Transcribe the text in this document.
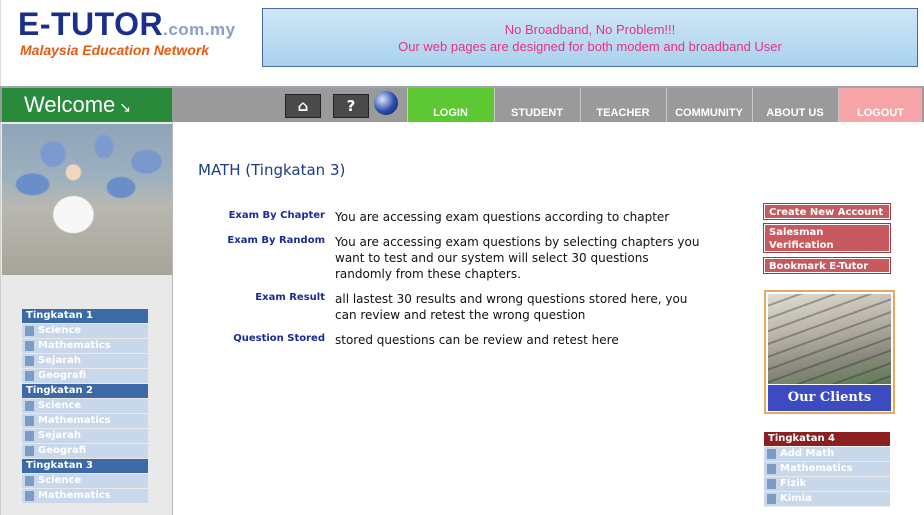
E-TUTOR.com.my
Malaysia Education Network
No Broadband, No Problem!!!
Our web pages are designed for both modem and broadband User
Welcome ↘	⌂	?	LOGIN	STUDENT	TEACHER	COMMUNITY	ABOUT US	LOGOUT
Tingkatan 1
Science
Mathematics
Sejarah
Geografi
Tingkatan 2
Science
Mathematics
Sejarah
Geografi
Tingkatan 3
Science
Mathematics
MATH (Tingkatan 3)
Exam By Chapter You are accessing exam questions according to chapter
Exam By Random You are accessing exam questions by selecting chapters you want to test and our system will select 30 questions randomly from these chapters.
Exam Result all lastest 30 results and wrong questions stored here, you can review and retest the wrong question
Question Stored stored questions can be review and retest here
Create New Account
Salesman
Verification
Bookmark E-Tutor
Our Clients
Tingkatan 4
Add Math
Mathematics
Fizik
Kimia
